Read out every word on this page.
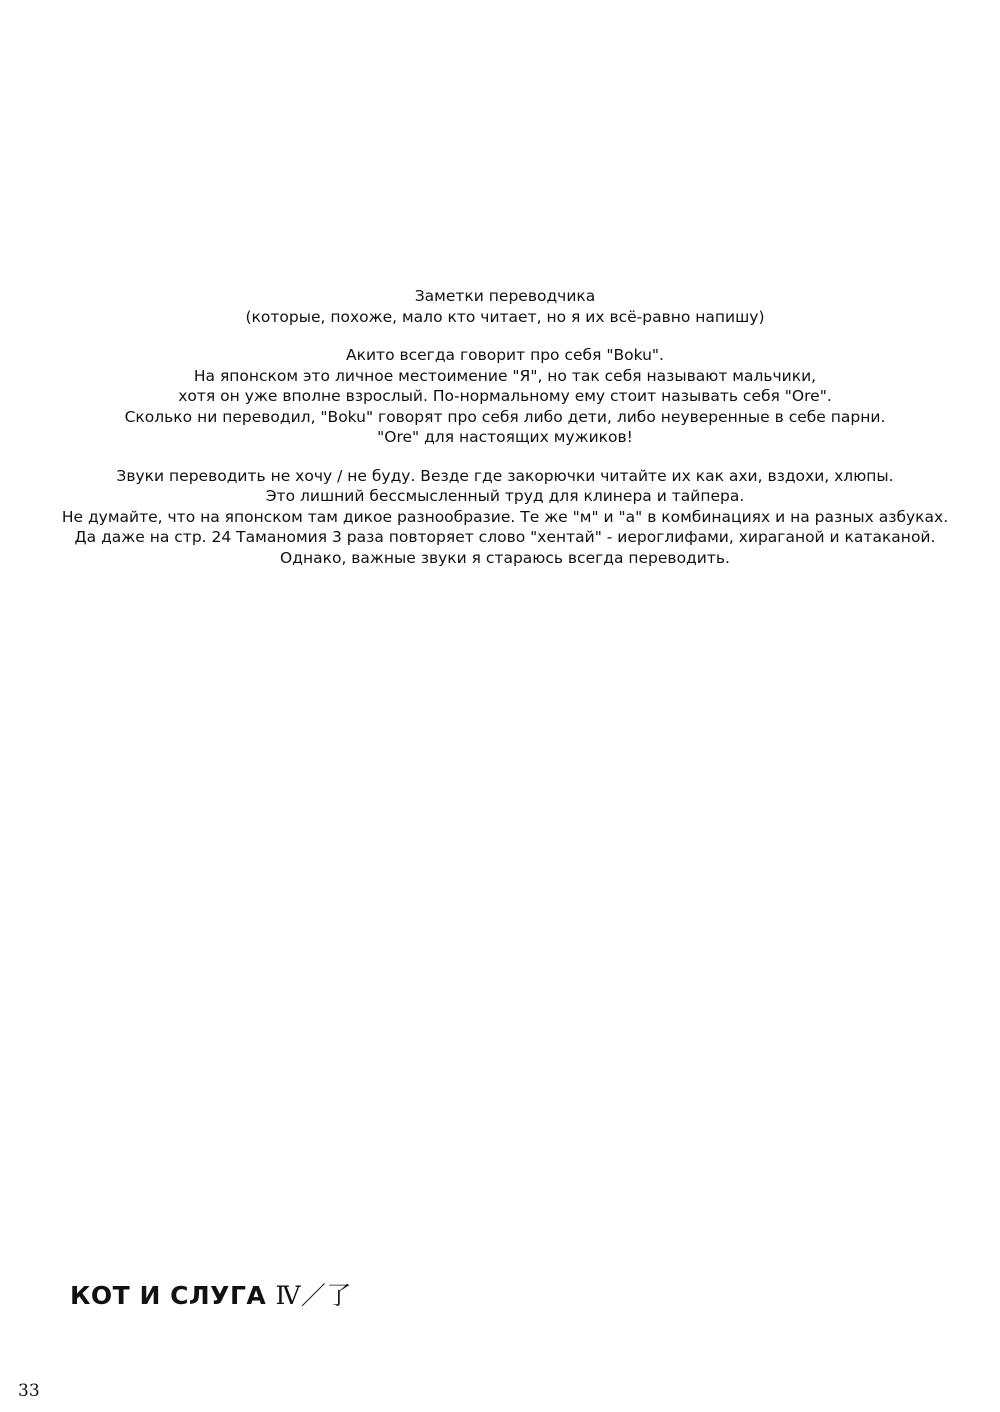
Заметки переводчика
(которые, похоже, мало кто читает, но я их всё-равно напишу)
Акито всегда говорит про себя "Boku".
На японском это личное местоимение "Я", но так себя называют мальчики,
хотя он уже вполне взрослый. По-нормальному ему стоит называть себя "Ore".
Сколько ни переводил, "Boku" говорят про себя либо дети, либо неуверенные в себе парни.
"Ore" для настоящих мужиков!
Звуки переводить не хочу / не буду. Везде где закорючки читайте их как ахи, вздохи, хлюпы.
Это лишний бессмысленный труд для клинера и тайпера.
Не думайте, что на японском там дикое разнообразие. Те же "м" и "а" в комбинациях и на разных азбуках.
Да даже на стр. 24 Таманомия 3 раза повторяет слово "хентай" - иероглифами, хираганой и катаканой.
Однако, важные звуки я стараюсь всегда переводить.
КОТ И СЛУГА Ⅳ／了
33
